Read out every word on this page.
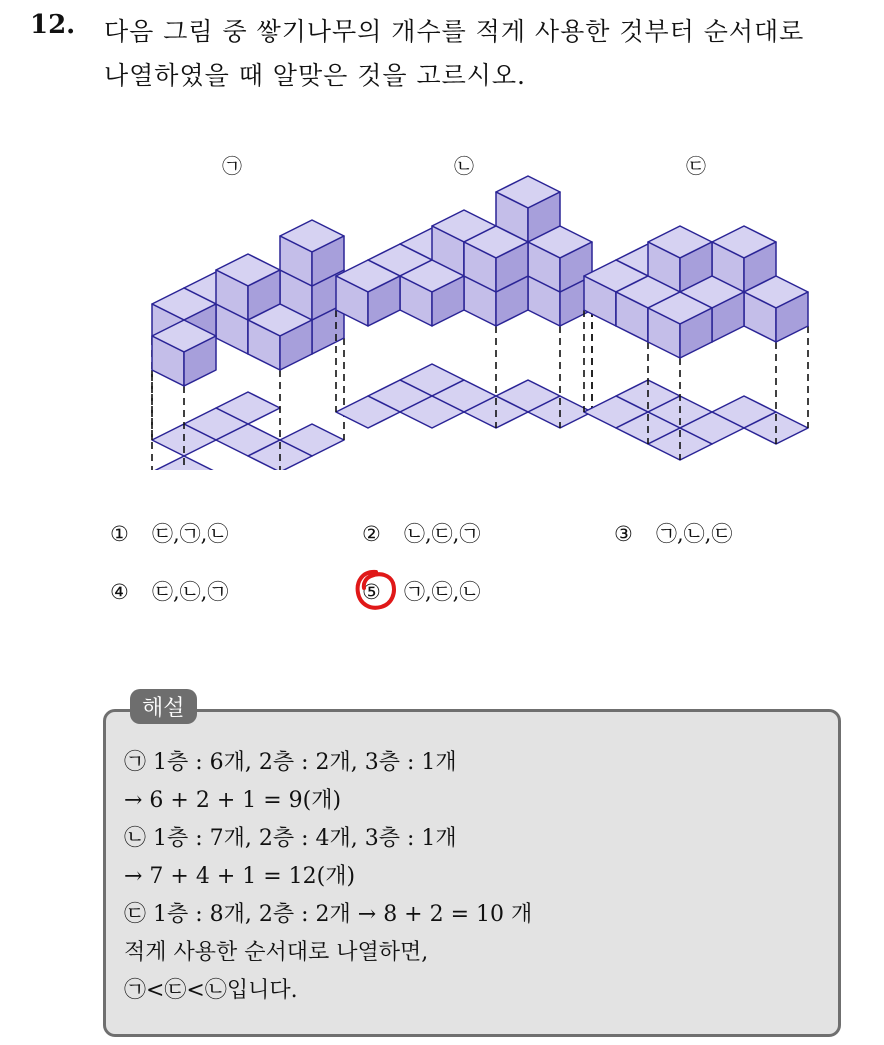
12. 다음 그림 중 쌓기나무의 개수를 적게 사용한 것부터 순서대로
나열하였을 때 알맞은 것을 고르시오.
㉠	㉡	㉢
① ㉢,㉠,㉡	② ㉡,㉢,㉠	③ ㉠,㉡,㉢
④ ㉢,㉡,㉠	⑤ ㉠,㉢,㉡
해설
㉠ 1층 : 6개, 2층 : 2개, 3층 : 1개
→ 6 + 2 + 1 = 9(개)
㉡ 1층 : 7개, 2층 : 4개, 3층 : 1개
→ 7 + 4 + 1 = 12(개)
㉢ 1층 : 8개, 2층 : 2개 → 8 + 2 = 10 개
적게 사용한 순서대로 나열하면,
㉠<㉢<㉡입니다.
